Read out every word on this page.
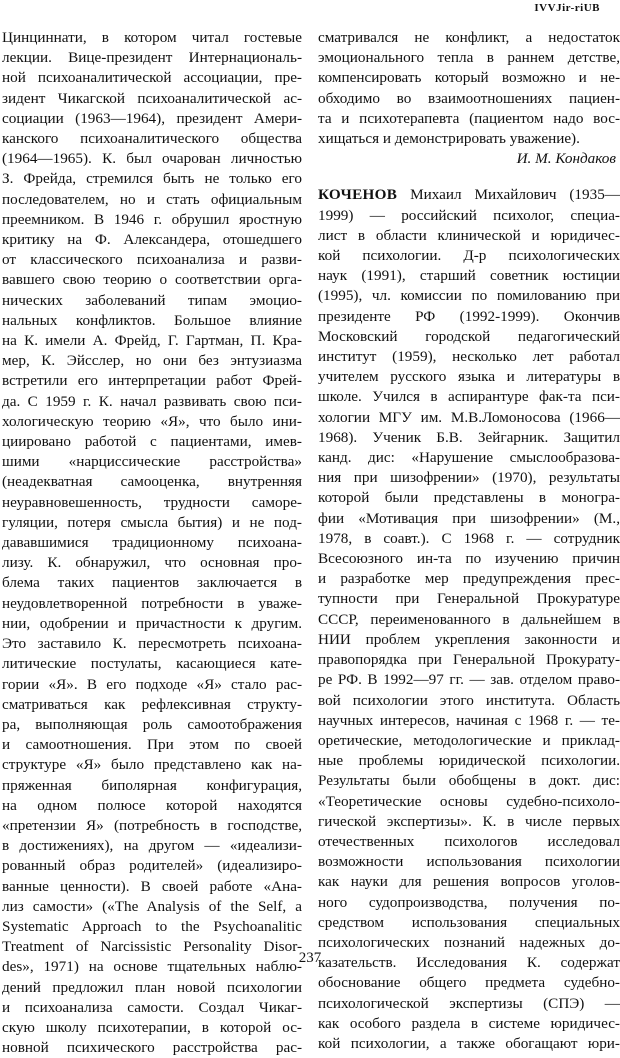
IVVJir-riUB
Цинциннати, в котором читал гостевые
лекции. Вице-президент Интернациональ-
ной психоаналитической ассоциации, пре-
зидент Чикагской психоаналитической ас-
социации (1963—1964), президент Амери-
канского психоаналитического общества
(1964—1965). К. был очарован личностью
З. Фрейда, стремился быть не только его
последователем, но и стать официальным
преемником. В 1946 г. обрушил яростную
критику на Ф. Александера, отошедшего
от классического психоанализа и разви-
вавшего свою теорию о соответствии орга-
нических заболеваний типам эмоцио-
нальных конфликтов. Большое влияние
на К. имели А. Фрейд, Г. Гартман, П. Крa-
мер, К. Эйсслер, но они без энтузиазма
встретили его интерпретации работ Фрей-
да. С 1959 г. К. начал развивать свою пси-
хологическую теорию «Я», что было ини-
циировано работой с пациентами, имев-
шими «нарциссические расстройства»
(неадекватная самооценка, внутренняя
неуравновешенность, трудности саморе-
гуляции, потеря смысла бытия) и не под-
дававшимися традиционному психоана-
лизу. К. обнаружил, что основная про-
блема таких пациентов заключается в
неудовлетворенной потребности в уважe-
нии, одобрении и причастности к другим.
Это заставило К. пересмотреть психоана-
литические постулаты, касающиеся катe-
гории «Я». В его подходе «Я» стало рас-
сматриваться как рефлексивная структу-
ра, выполняющая роль самоотображения
и самоотношения. При этом по своей
структуре «Я» было представлено как на-
пряженная биполярная конфигурация,
на одном полюсе которой находятся
«претензии Я» (потребность в господстве,
в достижениях), на другом — «идеализи-
рованный образ родителей» (идеализиро-
ванные ценности). В своей работе «Ана-
лиз самости» («The Analysis of the Self, a
Systematic Approach to the Psychoanalitic
Treatment of Narcissistic Personality Disor-
des», 1971) на основе тщательных наблю-
дений предложил план новой психологии
и психоанализа самости. Создал Чикаг-
скую школу психотерапии, в которой ос-
новной психического расстройства рас-
сматривался не конфликт, а недостаток
эмоционального тепла в раннем детстве,
компенсировать который возможно и не-
обходимо во взаимоотношениях пациен-
та и психотерапевта (пациентом надо вос-
хищаться и демонстрировать уважение).
И. М. Кондаков
КОЧЕНОВ Михаил Михайлович (1935—
1999) — российский психолог, специа-
лист в области клинической и юридичес-
кой психологии. Д-р психологических
наук (1991), старший советник юстиции
(1995), чл. комиссии по помилованию при
президенте РФ (1992-1999). Окончив
Московский городской педагогический
институт (1959), несколько лет работал
учителем русского языка и литературы в
школе. Учился в аспирантуре фак-та пси-
хологии МГУ им. М.В.Ломоносова (1966—
1968). Ученик Б.В. Зейгарник. Защитил
канд. дис: «Нарушение смыслообразова-
ния при шизофрении» (1970), результаты
которой были представлены в моногра-
фии «Мотивация при шизофрении» (М.,
1978, в соавт.). С 1968 г. — сотрудник
Всесоюзного ин-та по изучению причин
и разработке мер предупреждения прес-
тупности при Генеральной Прокуратуре
СССР, переименованного в дальнейшем в
НИИ проблем укрепления законности и
правопорядка при Генеральной Прокурату-
ре РФ. В 1992—97 гг. — зав. отделом право-
вой психологии этого института. Область
научных интересов, начиная с 1968 г. — те-
оретические, методологические и приклад-
ные проблемы юридической психологии.
Результаты были обобщены в докт. дис:
«Теоретические основы судебно-психоло-
гической экспертизы». К. в числе первых
отечественных психологов исследовал
возможности использования психологии
как науки для решения вопросов уголов-
ного судопроизводства, получения по-
средством использования специальных
психологических познаний надежных до-
казательств. Исследования К. содержат
обоснование общего предмета судебно-
психологической экспертизы (СПЭ) —
как особого раздела в системе юридичес-
кой психологии, а также обогащают юри-
237
